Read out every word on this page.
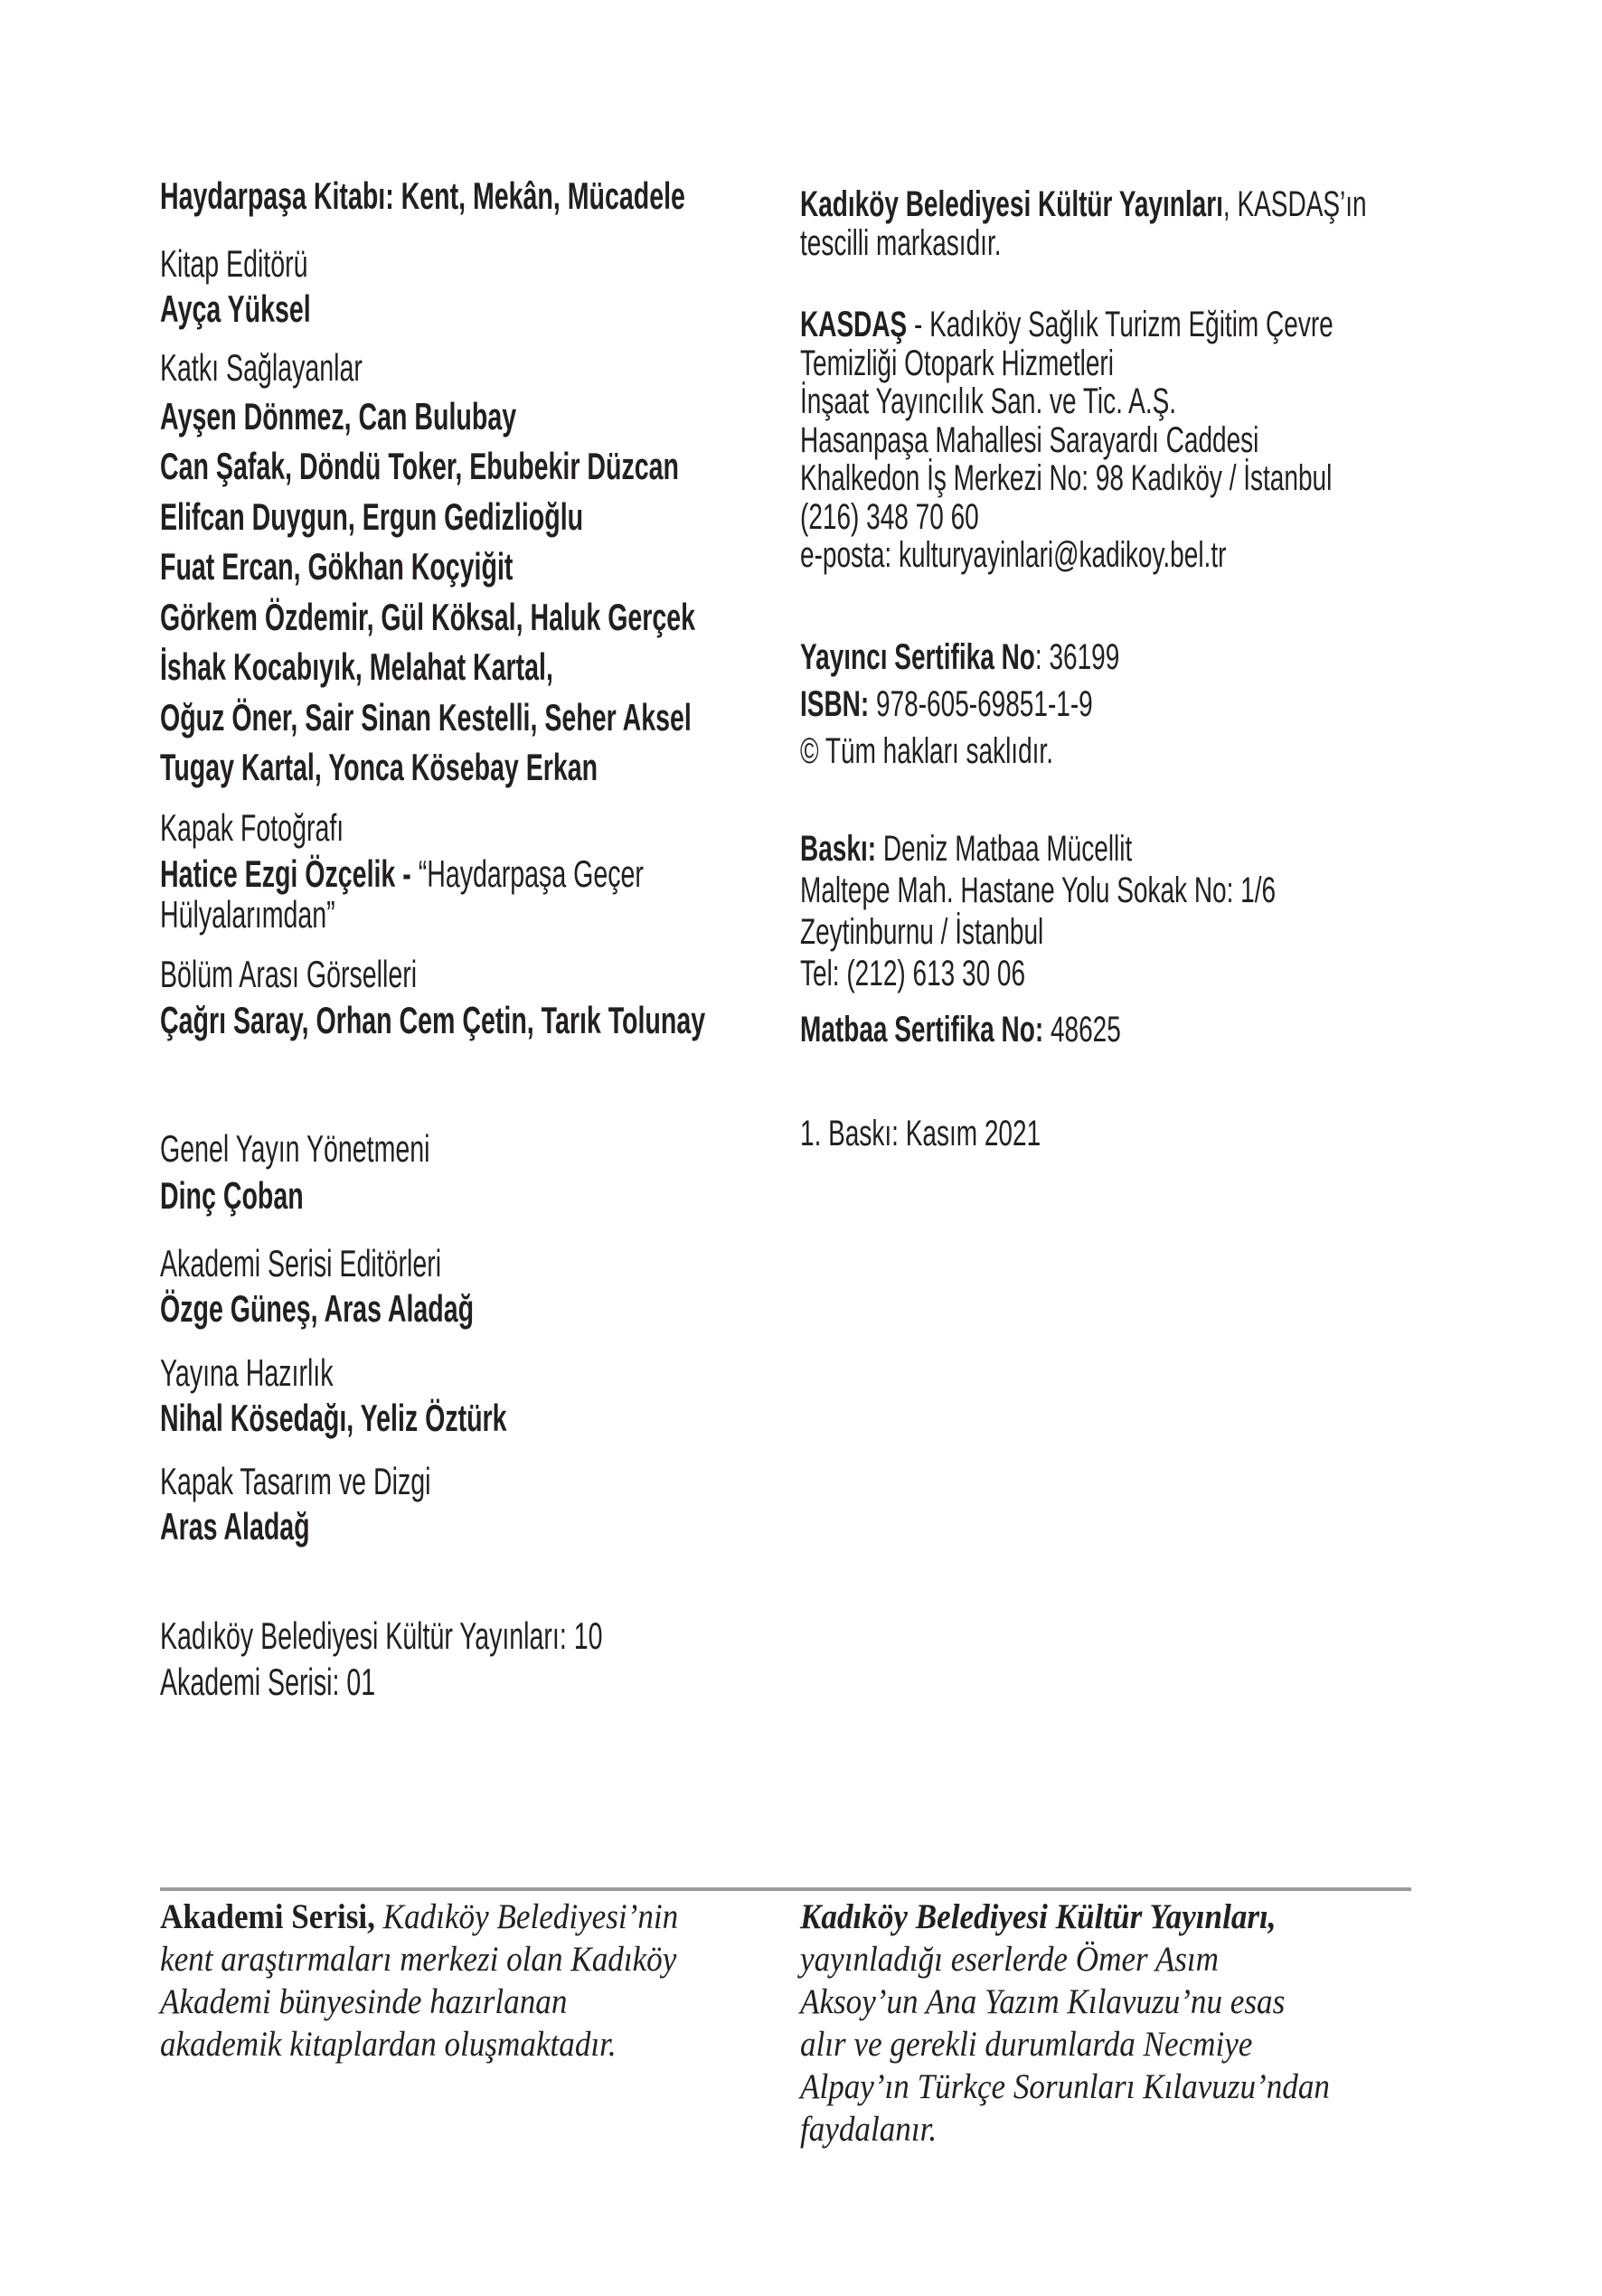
Haydarpaşa Kitabı: Kent, Mekân, Mücadele

Kitap Editörü

Ayça Yüksel

Katkı Sağlayanlar

Ayşen Dönmez, Can Bulubay

Can Şafak, Döndü Toker, Ebubekir Düzcan

Elifcan Duygun, Ergun Gedizlioğlu

Fuat Ercan, Gökhan Koçyiğit

Görkem Özdemir, Gül Köksal, Haluk Gerçek

İshak Kocabıyık, Melahat Kartal,

Oğuz Öner, Sair Sinan Kestelli, Seher Aksel

Tugay Kartal, Yonca Kösebay Erkan

Kapak Fotoğrafı

Hatice Ezgi Özçelik - “Haydarpaşa Geçer

Hülyalarımdan”

Bölüm Arası Görselleri

Çağrı Saray, Orhan Cem Çetin, Tarık Tolunay

Genel Yayın Yönetmeni

Dinç Çoban

Akademi Serisi Editörleri

Özge Güneş, Aras Aladağ

Yayına Hazırlık

Nihal Kösedağı, Yeliz Öztürk

Kapak Tasarım ve Dizgi

Aras Aladağ

Kadıköy Belediyesi Kültür Yayınları: 10

Akademi Serisi: 01

Kadıköy Belediyesi Kültür Yayınları, KASDAŞ’ın

tescilli markasıdır.

KASDAŞ - Kadıköy Sağlık Turizm Eğitim Çevre

Temizliği Otopark Hizmetleri

İnşaat Yayıncılık San. ve Tic. A.Ş.

Hasanpaşa Mahallesi Sarayardı Caddesi

Khalkedon İş Merkezi No: 98 Kadıköy / İstanbul

(216) 348 70 60

e-posta: kulturyayinlari@kadikoy.bel.tr

Yayıncı Sertifika No: 36199

ISBN: 978-605-69851-1-9

© Tüm hakları saklıdır.

Baskı: Deniz Matbaa Mücellit

Maltepe Mah. Hastane Yolu Sokak No: 1/6

Zeytinburnu / İstanbul

Tel: (212) 613 30 06

Matbaa Sertifika No: 48625

1. Baskı: Kasım 2021

Akademi Serisi, Kadıköy Belediyesi’nin

kent araştırmaları merkezi olan Kadıköy

Akademi bünyesinde hazırlanan

akademik kitaplardan oluşmaktadır.

Kadıköy Belediyesi Kültür Yayınları,

yayınladığı eserlerde Ömer Asım

Aksoy’un Ana Yazım Kılavuzu’nu esas

alır ve gerekli durumlarda Necmiye

Alpay’ın Türkçe Sorunları Kılavuzu’ndan

faydalanır.
